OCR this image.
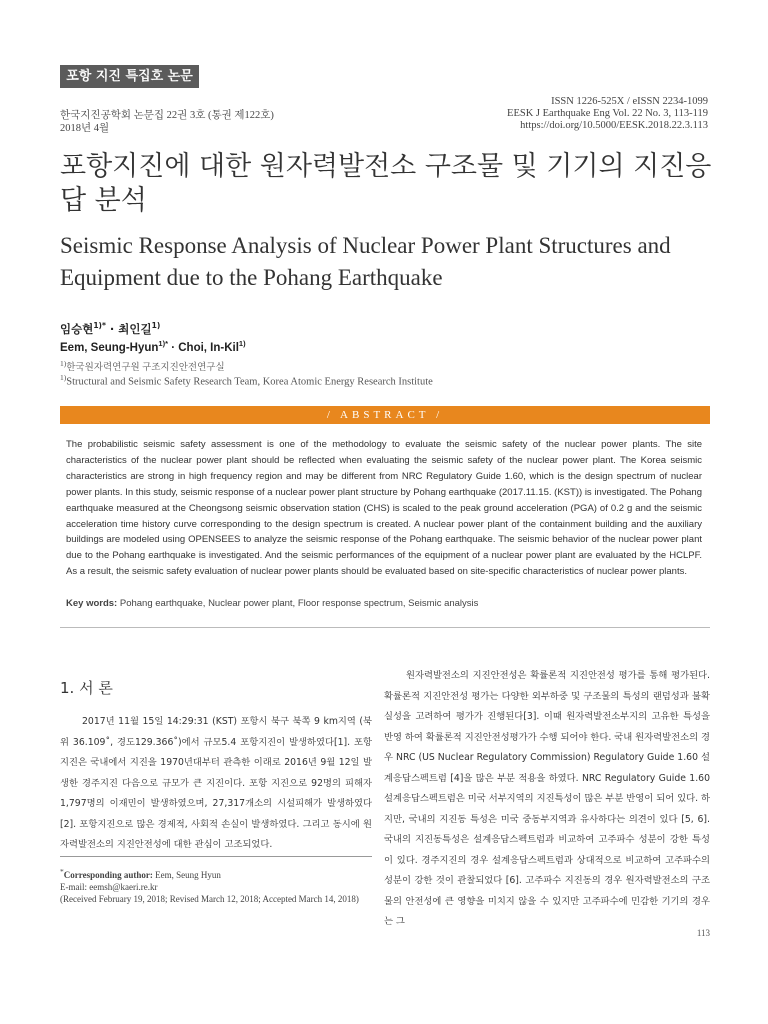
포항 지진 특집호 논문
한국지진공학회 논문집 22권 3호 (통권 제122호)
2018년 4월
ISSN 1226-525X / eISSN 2234-1099
EESK J Earthquake Eng Vol. 22 No. 3, 113-119
https://doi.org/10.5000/EESK.2018.22.3.113
포항지진에 대한 원자력발전소 구조물 및 기기의 지진응답 분석
Seismic Response Analysis of Nuclear Power Plant Structures and Equipment due to the Pohang Earthquake
임승현$^{1)*}$ · 최인길$^{1)}$
Eem, Seung-Hyun$^{1)*}$ · Choi, In-Kil$^{1)}$
$^{1)}$한국원자력연구원 구조지진안전연구실
$^{1)}$Structural and Seismic Safety Research Team, Korea Atomic Energy Research Institute
/ ABSTRACT /
The probabilistic seismic safety assessment is one of the methodology to evaluate the seismic safety of the nuclear power plants. The site characteristics of the nuclear power plant should be reflected when evaluating the seismic safety of the nuclear power plant. The Korea seismic characteristics are strong in high frequency region and may be different from NRC Regulatory Guide 1.60, which is the design spectrum of nuclear power plants. In this study, seismic response of a nuclear power plant structure by Pohang earthquake (2017.11.15. (KST)) is investigated. The Pohang earthquake measured at the Cheongsong seismic observation station (CHS) is scaled to the peak ground acceleration (PGA) of 0.2 g and the seismic acceleration time history curve corresponding to the design spectrum is created. A nuclear power plant of the containment building and the auxiliary buildings are modeled using OPENSEES to analyze the seismic response of the Pohang earthquake. The seismic behavior of the nuclear power plant due to the Pohang earthquake is investigated. And the seismic performances of the equipment of a nuclear power plant are evaluated by the HCLPF. As a result, the seismic safety evaluation of nuclear power plants should be evaluated based on site-specific characteristics of nuclear power plants.
Key words: Pohang earthquake, Nuclear power plant, Floor response spectrum, Seismic analysis
1. 서 론
2017년 11월 15일 14:29:31 (KST) 포항시 북구 북쪽 9 km지역 (북위 36.109˚, 경도129.366˚)에서 규모5.4 포항지진이 발생하였다[1]. 포항지진은 국내에서 지진을 1970년대부터 관측한 이래로 2016년 9월 12일 발생한 경주지진 다음으로 규모가 큰 지진이다. 포항 지진으로 92명의 피해자 1,797명의 이재민이 발생하였으며, 27,317개소의 시설피해가 발생하였다 [2]. 포항지진으로 많은 경제적, 사회적 손실이 발생하였다. 그리고 동시에 원자력발전소의 지진안전성에 대한 관심이 고조되었다.
원자력발전소의 지진안전성은 확률론적 지진안전성 평가를 통해 평가된다. 확률론적 지진안전성 평가는 다양한 외부하중 및 구조물의 특성의 랜덤성과 불확실성을 고려하여 평가가 진행된다[3]. 이때 원자력발전소부지의 고유한 특성을 반영 하여 확률론적 지진안전성평가가 수행 되어야 한다. 국내 원자력발전소의 경우 NRC (US Nuclear Regulatory Commission) Regulatory Guide 1.60 설계응답스펙트럼 [4]을 많은 부분 적용을 하였다. NRC Regulatory Guide 1.60 설계응답스펙트럼은 미국 서부지역의 지진특성이 많은 부분 반영이 되어 있다. 하지만, 국내의 지진동 특성은 미국 중동부지역과 유사하다는 의견이 있다 [5, 6]. 국내의 지진동특성은 설계응답스펙트럼과 비교하여 고주파수 성분이 강한 특성이 있다. 경주지진의 경우 설계응답스펙트럼과 상대적으로 비교하여 고주파수의 성분이 강한 것이 관찰되었다 [6]. 고주파수 지진동의 경우 원자력발전소의 구조물의 안전성에 큰 영향을 미치지 않을 수 있지만 고주파수에 민감한 기기의 경우는 그
*Corresponding author: Eem, Seung Hyun
E-mail: eemsh@kaeri.re.kr
(Received February 19, 2018; Revised March 12, 2018; Accepted March 14, 2018)
113
